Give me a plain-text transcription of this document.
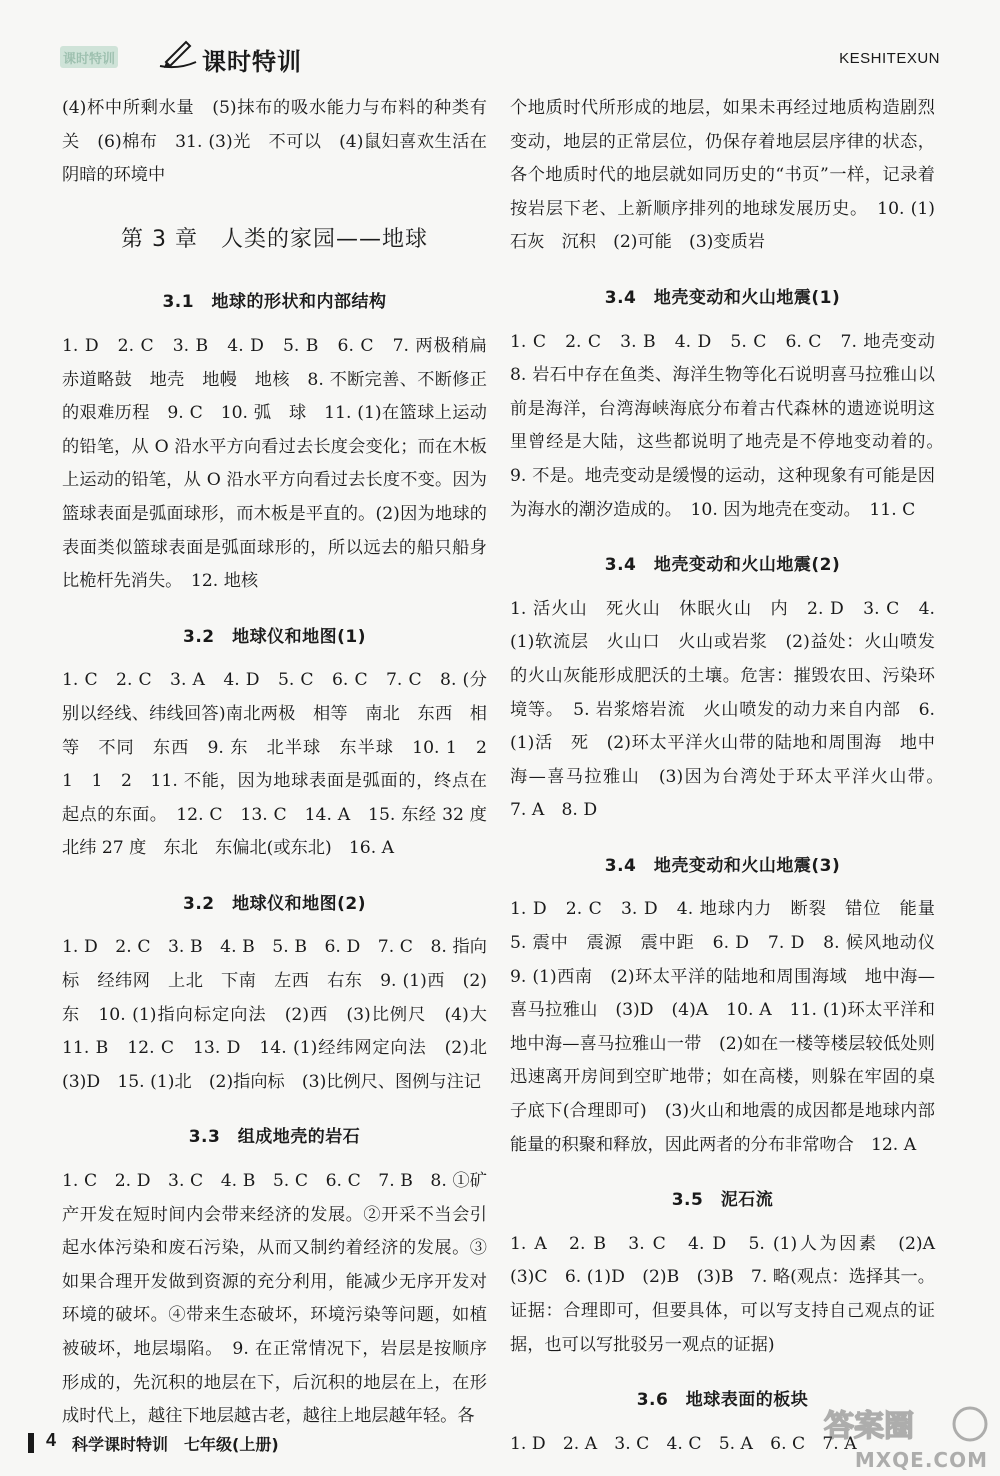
课时特训	课时特训	KESHITEXUN

(4)杯中所剩水量　(5)抹布的吸水能力与布料的种类有关　(6)棉布　31. (3)光　不可以　(4)鼠妇喜欢生活在阴暗的环境中

第 3 章　人类的家园——地球
3.1　地球的形状和内部结构

1. D　2. C　3. B　4. D　5. B　6. C　7. 两极稍扁　赤道略鼓　地壳　地幔　地核　8. 不断完善、不断修正的艰难历程　9. C　10. 弧　球　11. (1)在篮球上运动的铅笔，从 O 沿水平方向看过去长度会变化；而在木板上运动的铅笔，从 O 沿水平方向看过去长度不变。因为篮球表面是弧面球形，而木板是平直的。(2)因为地球的表面类似篮球表面是弧面球形的，所以远去的船只船身比桅杆先消失。　12. 地核

3.2　地球仪和地图(1)

1. C　2. C　3. A　4. D　5. C　6. C　7. C　8. (分别以经线、纬线回答)南北两极　相等　南北　东西　相等　不同　东西　9. 东　北半球　东半球　10. 1　2　1　1　2　11. 不能，因为地球表面是弧面的，终点在起点的东面。　12. C　13. C　14. A　15. 东经 32 度　北纬 27 度　东北　东偏北(或东北)　16. A

3.2　地球仪和地图(2)

1. D　2. C　3. B　4. B　5. B　6. D　7. C　8. 指向标　经纬网　上北　下南　左西　右东　9. (1)西　(2)东　10. (1)指向标定向法　(2)西　(3)比例尺　(4)大　11. B　12. C　13. D　14. (1)经纬网定向法　(2)北　(3)D　15. (1)北　(2)指向标　(3)比例尺、图例与注记

3.3　组成地壳的岩石

1. C　2. D　3. C　4. B　5. C　6. C　7. B　8. ①矿产开发在短时间内会带来经济的发展。②开采不当会引起水体污染和废石污染，从而又制约着经济的发展。③如果合理开发做到资源的充分利用，能减少无序开发对环境的破坏。④带来生态破坏，环境污染等问题，如植被破坏，地层塌陷。　9. 在正常情况下，岩层是按顺序形成的，先沉积的地层在下，后沉积的地层在上，在形成时代上，越往下地层越古老，越往上地层越年轻。各

个地质时代所形成的地层，如果未再经过地质构造剧烈变动，地层的正常层位，仍保存着地层层序律的状态，各个地质时代的地层就如同历史的“书页”一样，记录着按岩层下老、上新顺序排列的地球发展历史。　10. (1)石灰　沉积　(2)可能　(3)变质岩

3.4　地壳变动和火山地震(1)

1. C　2. C　3. B　4. D　5. C　6. C　7. 地壳变动　8. 岩石中存在鱼类、海洋生物等化石说明喜马拉雅山以前是海洋，台湾海峡海底分布着古代森林的遗迹说明这里曾经是大陆，这些都说明了地壳是不停地变动着的。　9. 不是。地壳变动是缓慢的运动，这种现象有可能是因为海水的潮汐造成的。　10. 因为地壳在变动。　11. C

3.4　地壳变动和火山地震(2)

1. 活火山　死火山　休眠火山　内　2. D　3. C　4. (1)软流层　火山口　火山或岩浆　(2)益处：火山喷发的火山灰能形成肥沃的土壤。危害：摧毁农田、污染环境等。　5. 岩浆熔岩流　火山喷发的动力来自内部　6. (1)活　死　(2)环太平洋火山带的陆地和周围海　地中海—喜马拉雅山　(3)因为台湾处于环太平洋火山带。　7. A　8. D

3.4　地壳变动和火山地震(3)

1. D　2. C　3. D　4. 地球内力　断裂　错位　能量　5. 震中　震源　震中距　6. D　7. D　8. 候风地动仪　9. (1)西南　(2)环太平洋的陆地和周围海域　地中海—喜马拉雅山　(3)D　(4)A　10. A　11. (1)环太平洋和地中海—喜马拉雅山一带　(2)如在一楼等楼层较低处则迅速离开房间到空旷地带；如在高楼，则躲在牢固的桌子底下(合理即可)　(3)火山和地震的成因都是地球内部能量的积聚和释放，因此两者的分布非常吻合　12. A

3.5　泥石流

1. A　2. B　3. C　4. D　5. (1)人为因素　(2)A　(3)C　6. (1)D　(2)B　(3)B　7. 略(观点：选择其一。证据：合理即可，但要具体，可以写支持自己观点的证据，也可以写批驳另一观点的证据)

3.6　地球表面的板块

1. D　2. A　3. C　4. C　5. A　6. C　7. A

4 科学课时特训　七年级(上册)
答案圈
MXQE.COM
